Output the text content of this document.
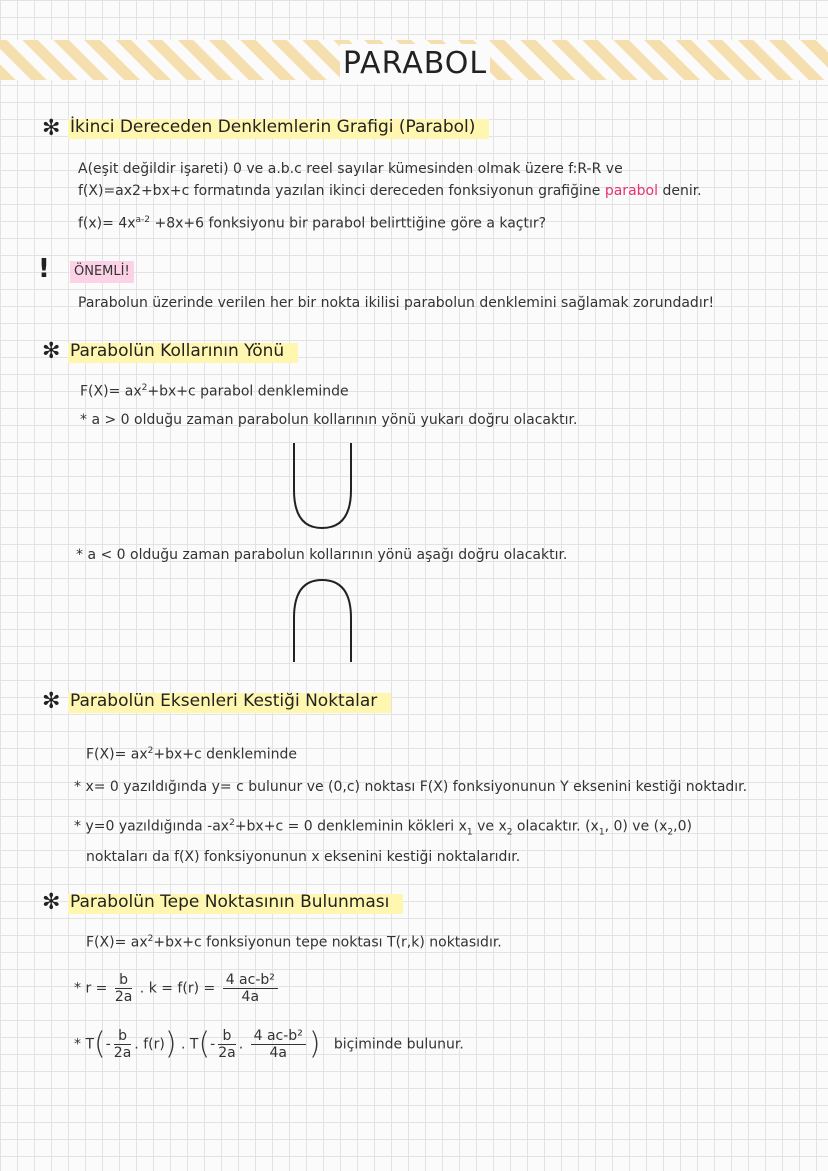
PARABOL
✻ İkinci Dereceden Denklemlerin Grafigi (Parabol)
A(eşit değildir işareti) 0 ve a.b.c reel sayılar kümesinden olmak üzere f:R-R ve
f(X)=ax2+bx+c formatında yazılan ikinci dereceden fonksiyonun grafiğine parabol denir.
$f(x)= 4x^{a-2} +8x+6$ fonksiyonu bir parabol belirttiğine göre a kaçtır?
!	ÖNEMLİ!
Parabolun üzerinde verilen her bir nokta ikilisi parabolun denklemini sağlamak zorundadır!
✻ Parabolün Kollarının Yönü
$F(X)= ax^2+bx+c$ parabol denkleminde
* a > 0 olduğu zaman parabolun kollarının yönü yukarı doğru olacaktır.
* a < 0 olduğu zaman parabolun kollarının yönü aşağı doğru olacaktır.
✻ Parabolün Eksenleri Kestiği Noktalar
$F(X)= ax^2+bx+c$ denkleminde
* x= 0 yazıldığında y= c bulunur ve (0,c) noktası F(X) fonksiyonunun Y eksenini kestiği noktadır.
* y=0 yazıldığında $-ax^2+bx+c = 0$ denkleminin kökleri $x_1$ ve $x_2$ olacaktır. ($x_1$, 0) ve $(x_2,0)$
noktaları da f(X) fonksiyonunun x eksenini kestiği noktalarıdır.
✻ Parabolün Tepe Noktasının Bulunması
$F(X)= ax^2+bx+c$ fonksiyonun tepe noktası T(r,k) noktasıdır.
* $r = \frac{b}{2a}$ . $k = f(r) = \frac{\text{4 ac-b²}}{4a}$
* $T(- \frac{b}{2a}$ . f(r)) . $T(- \frac{b}{2a}$ . $\frac{\text{4 ac-b²}}{4a}$ ) biçiminde bulunur.
